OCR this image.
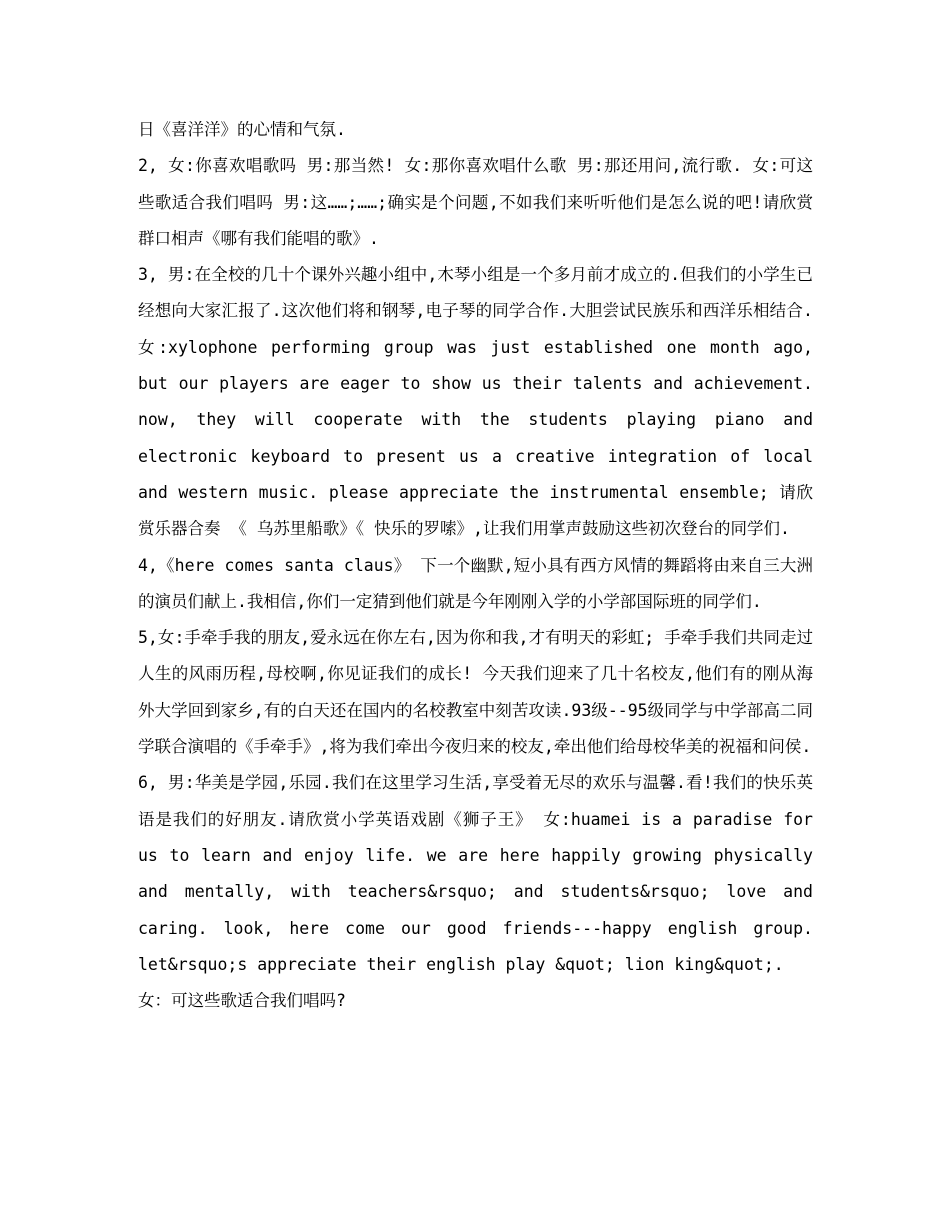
日《喜洋洋》的心情和气氛.

2, 女:你喜欢唱歌吗 男:那当然! 女:那你喜欢唱什么歌 男:那还用问,流行歌. 女:可这些歌适合我们唱吗 男:这……;……;确实是个问题,不如我们来听听他们是怎么说的吧!请欣赏群口相声《哪有我们能唱的歌》.

3, 男:在全校的几十个课外兴趣小组中,木琴小组是一个多月前才成立的.但我们的小学生已经想向大家汇报了.这次他们将和钢琴,电子琴的同学合作.大胆尝试民族乐和西洋乐相结合. 女:xylophone performing group was just established one month ago, but our players are eager to show us their talents and achievement. now, they will cooperate with the students playing piano and electronic keyboard to present us a creative integration of local and western music. please appreciate the instrumental ensemble; 请欣赏乐器合奏 《 乌苏里船歌》《 快乐的罗嗦》,让我们用掌声鼓励这些初次登台的同学们.

4,《here comes santa claus》 下一个幽默,短小具有西方风情的舞蹈将由来自三大洲的演员们献上.我相信,你们一定猜到他们就是今年刚刚入学的小学部国际班的同学们.

5,女:手牵手我的朋友,爱永远在你左右,因为你和我,才有明天的彩虹; 手牵手我们共同走过人生的风雨历程,母校啊,你见证我们的成长! 今天我们迎来了几十名校友,他们有的刚从海外大学回到家乡,有的白天还在国内的名校教室中刻苦攻读.93级--95级同学与中学部高二同学联合演唱的《手牵手》,将为我们牵出今夜归来的校友,牵出他们给母校华美的祝福和问侯.

6, 男:华美是学园,乐园.我们在这里学习生活,享受着无尽的欢乐与温馨.看!我们的快乐英语是我们的好朋友.请欣赏小学英语戏剧《狮子王》 女:huamei is a paradise for us to learn and enjoy life. we are here happily growing physically and mentally, with teachers&rsquo; and students&rsquo; love and caring. look, here come our good friends---happy english group. let&rsquo;s appreciate their english play &quot; lion king&quot;.

女：可这些歌适合我们唱吗?
